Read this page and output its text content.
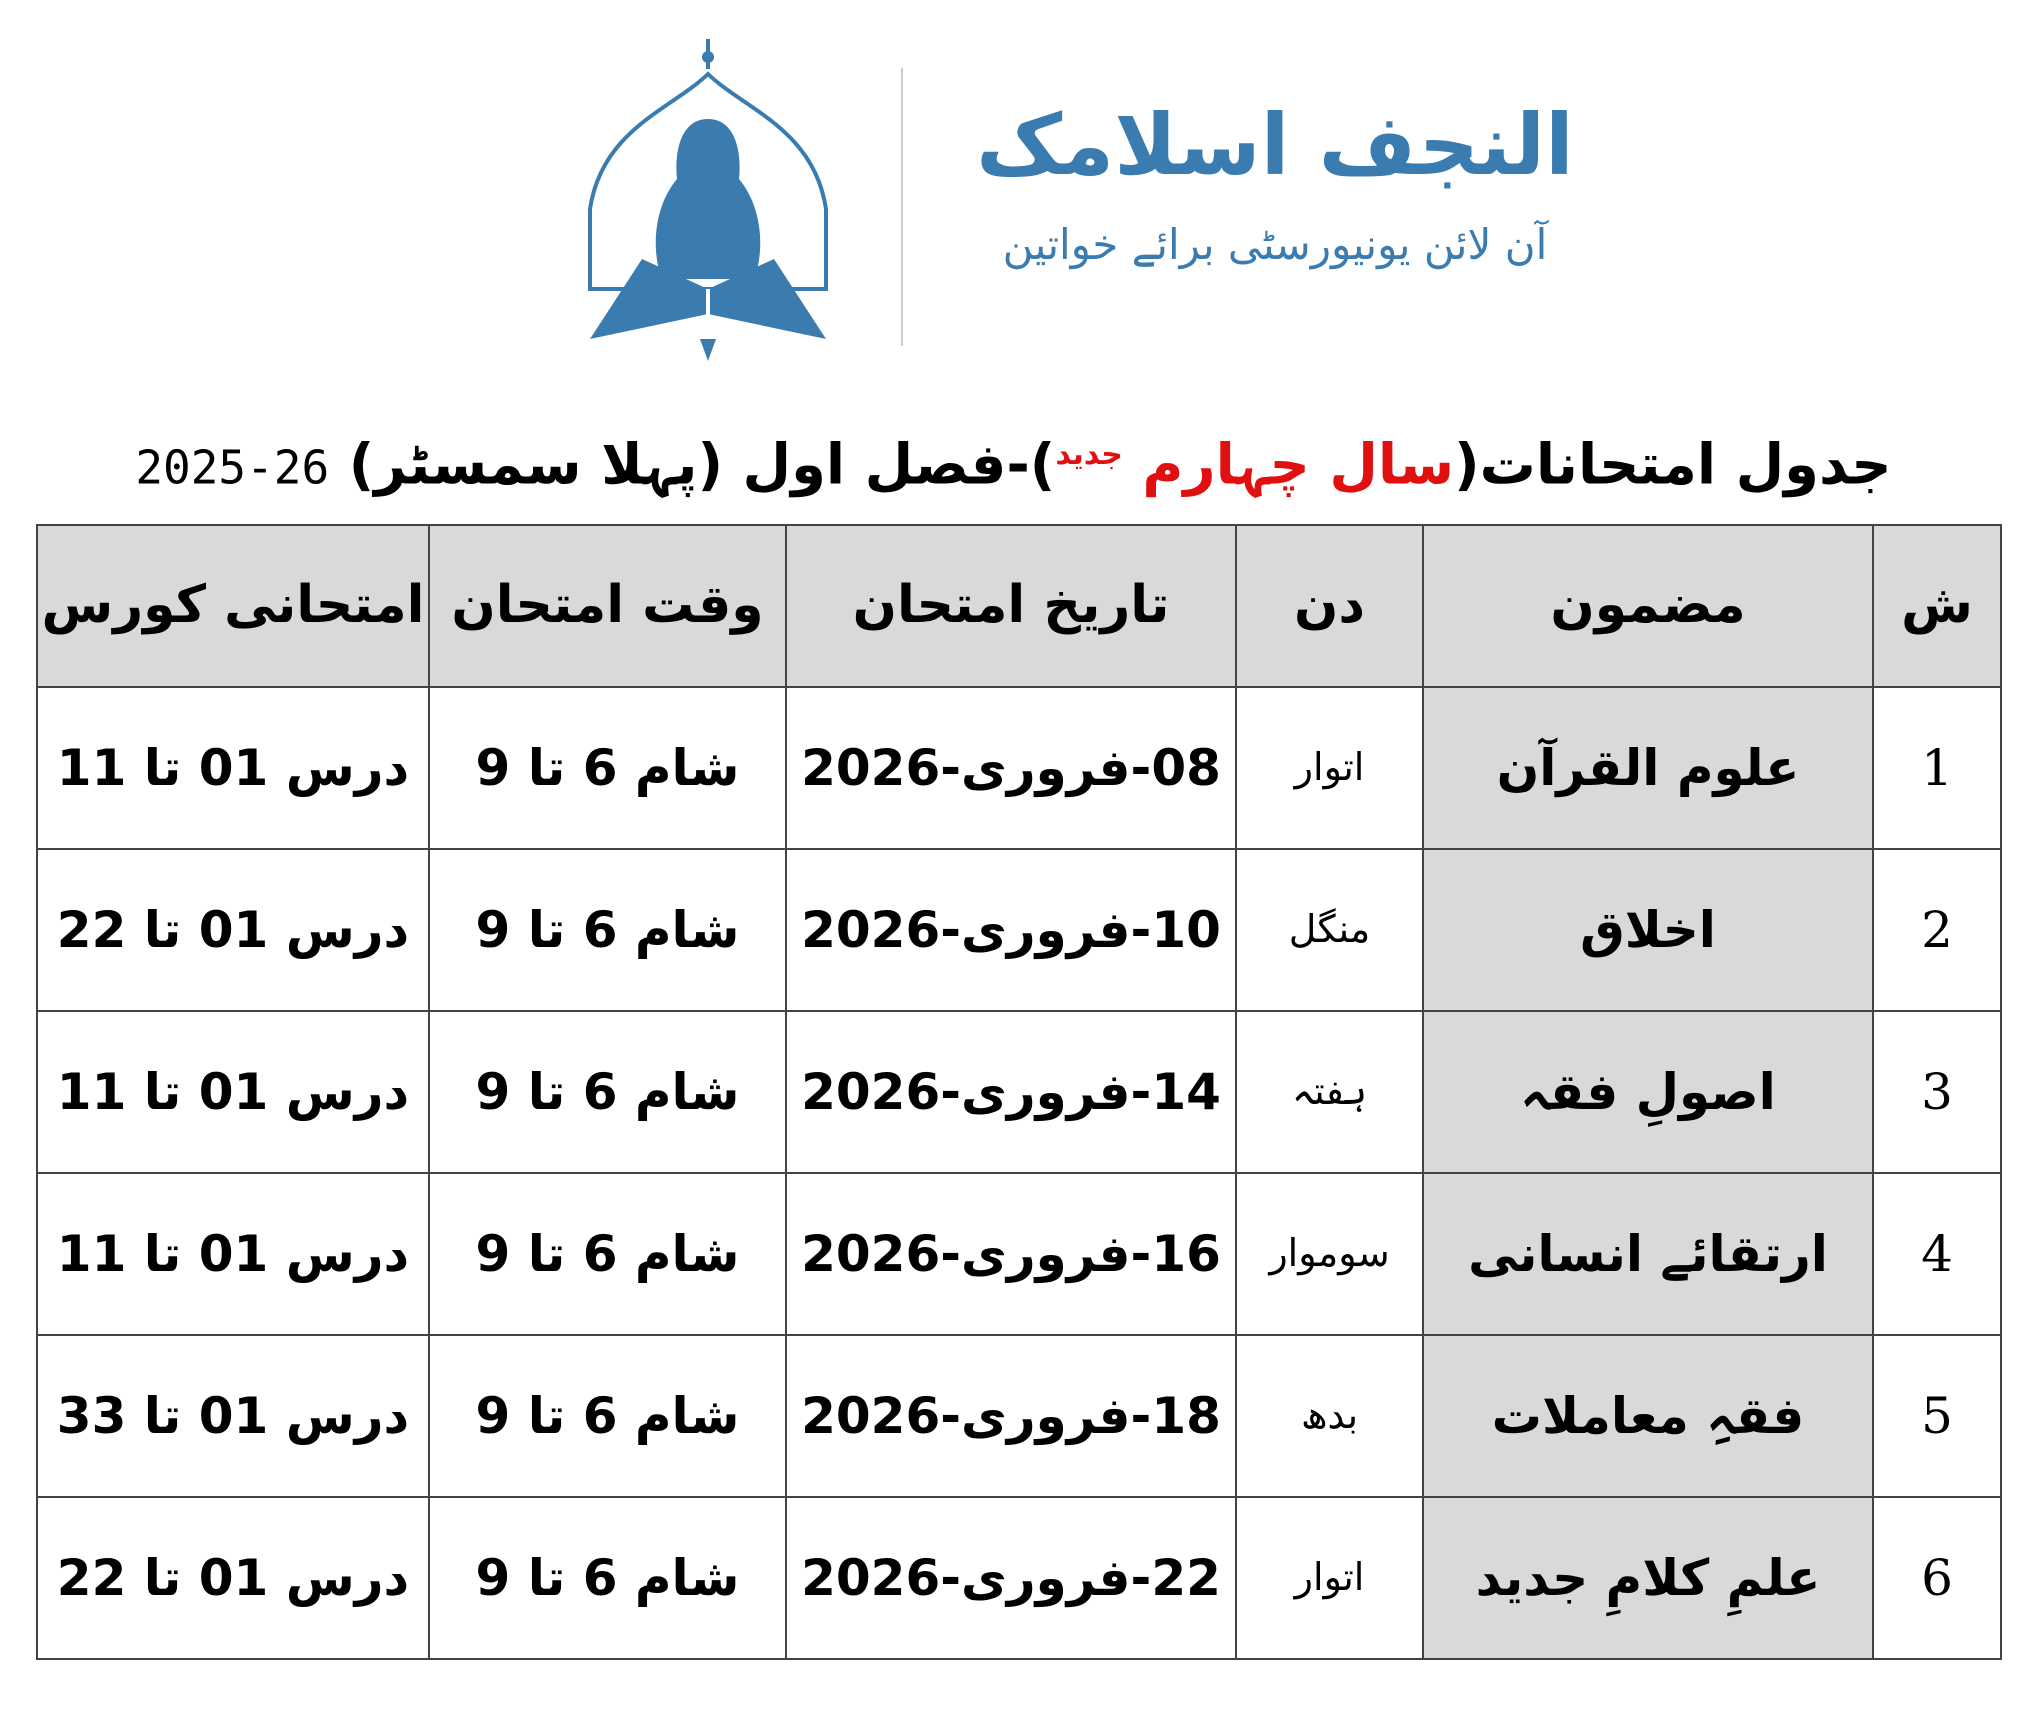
النجف اسلامک
آن لائن یونیورسٹی برائے خواتین
جدول امتحانات(سال چہارم $^{جدید}$)-فصل اول (پہلا سمسٹر) 2025-26
ش	مضمون	دن	تاریخ امتحان	وقت امتحان	امتحانی کورس
1	علوم القرآن	اتوار	08-فروری-2026	شام 6 تا 9	درس 01 تا 11
2	اخلاق	منگل	10-فروری-2026	شام 6 تا 9	درس 01 تا 22
3	اصولِ فقہ	ہفتہ	14-فروری-2026	شام 6 تا 9	درس 01 تا 11
4	ارتقائے انسانی	سوموار	16-فروری-2026	شام 6 تا 9	درس 01 تا 11
5	فقہِ معاملات	بدھ	18-فروری-2026	شام 6 تا 9	درس 01 تا 33
6	علمِ کلامِ جدید	اتوار	22-فروری-2026	شام 6 تا 9	درس 01 تا 22
